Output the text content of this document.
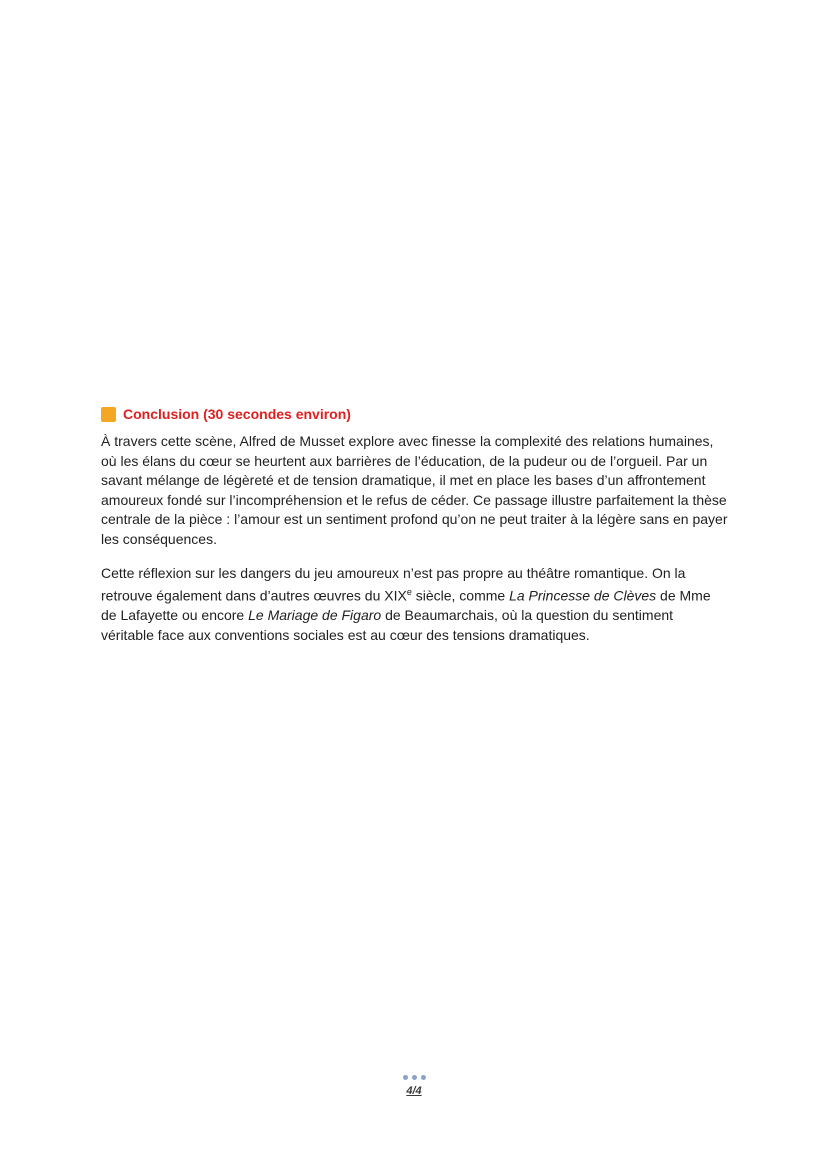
Conclusion (30 secondes environ)

À travers cette scène, Alfred de Musset explore avec finesse la complexité des relations humaines, où les élans du cœur se heurtent aux barrières de l’éducation, de la pudeur ou de l’orgueil. Par un savant mélange de légèreté et de tension dramatique, il met en place les bases d’un affrontement amoureux fondé sur l’incompréhension et le refus de céder. Ce passage illustre parfaitement la thèse centrale de la pièce : l’amour est un sentiment profond qu’on ne peut traiter à la légère sans en payer les conséquences.

Cette réflexion sur les dangers du jeu amoureux n’est pas propre au théâtre romantique. On la retrouve également dans d’autres œuvres du XIXe siècle, comme La Princesse de Clèves de Mme de Lafayette ou encore Le Mariage de Figaro de Beaumarchais, où la question du sentiment véritable face aux conventions sociales est au cœur des tensions dramatiques.

4/4
